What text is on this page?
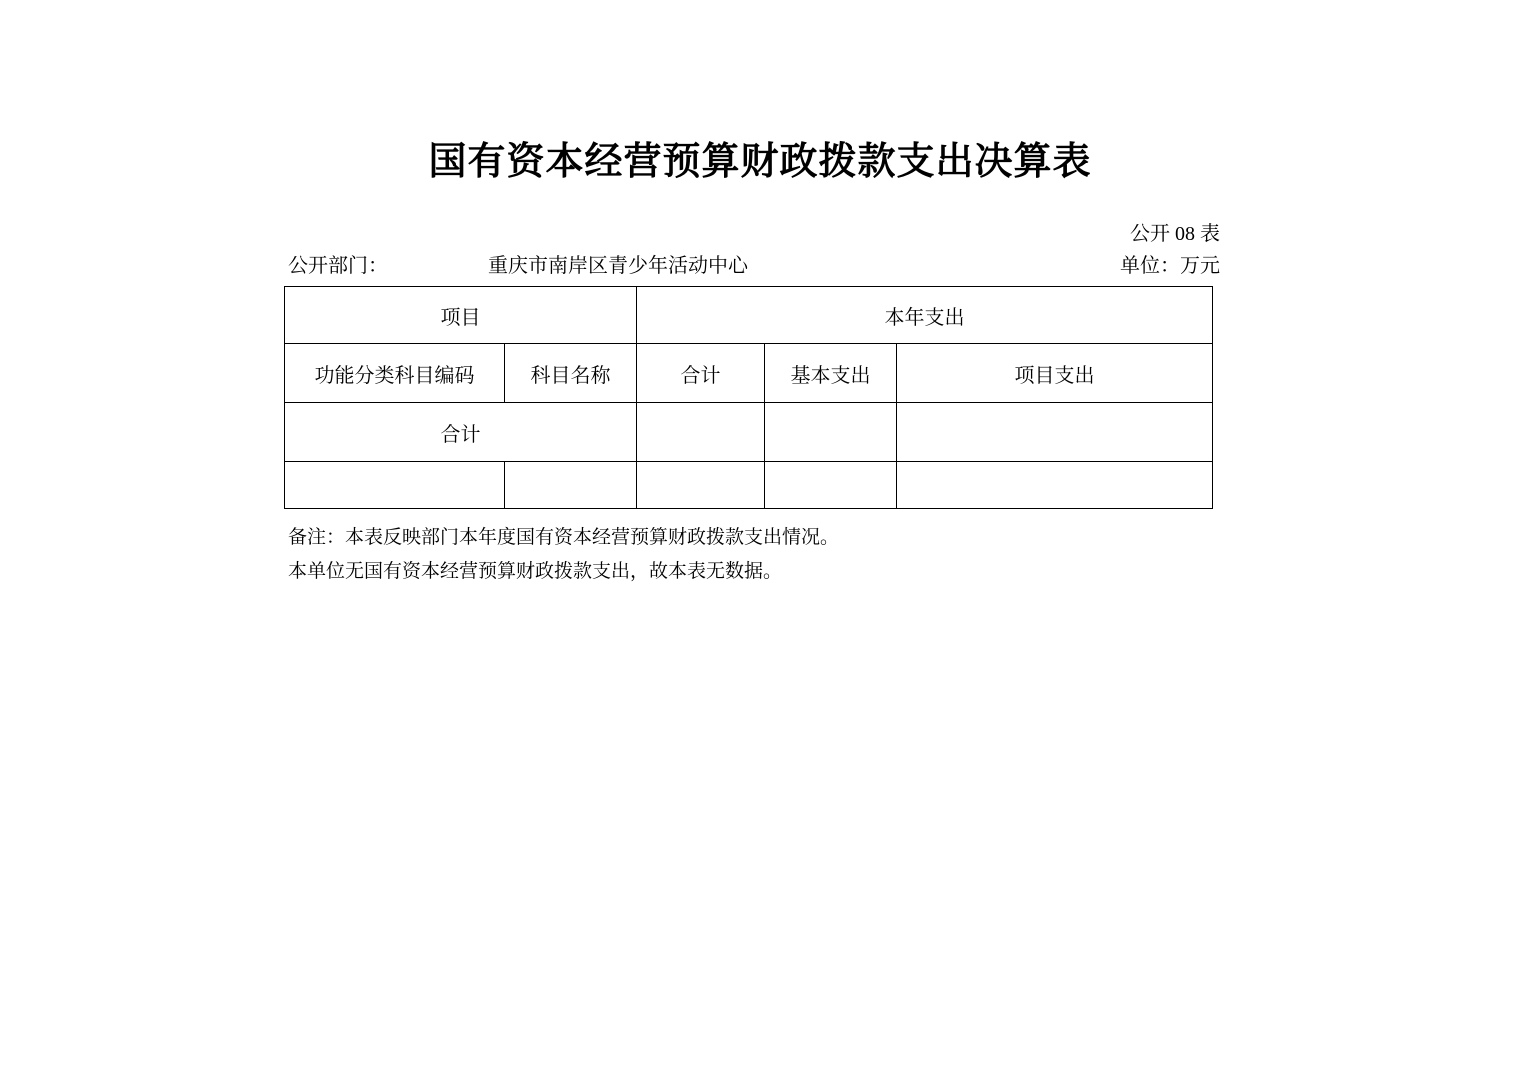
国有资本经营预算财政拨款支出决算表
公开 08 表
公开部门：	重庆市南岸区青少年活动中心	单位：万元
项目		本年支出		
功能分类科目编码	科目名称	合计	基本支出	项目支出
合计				

备注：本表反映部门本年度国有资本经营预算财政拨款支出情况。
本单位无国有资本经营预算财政拨款支出，故本表无数据。
